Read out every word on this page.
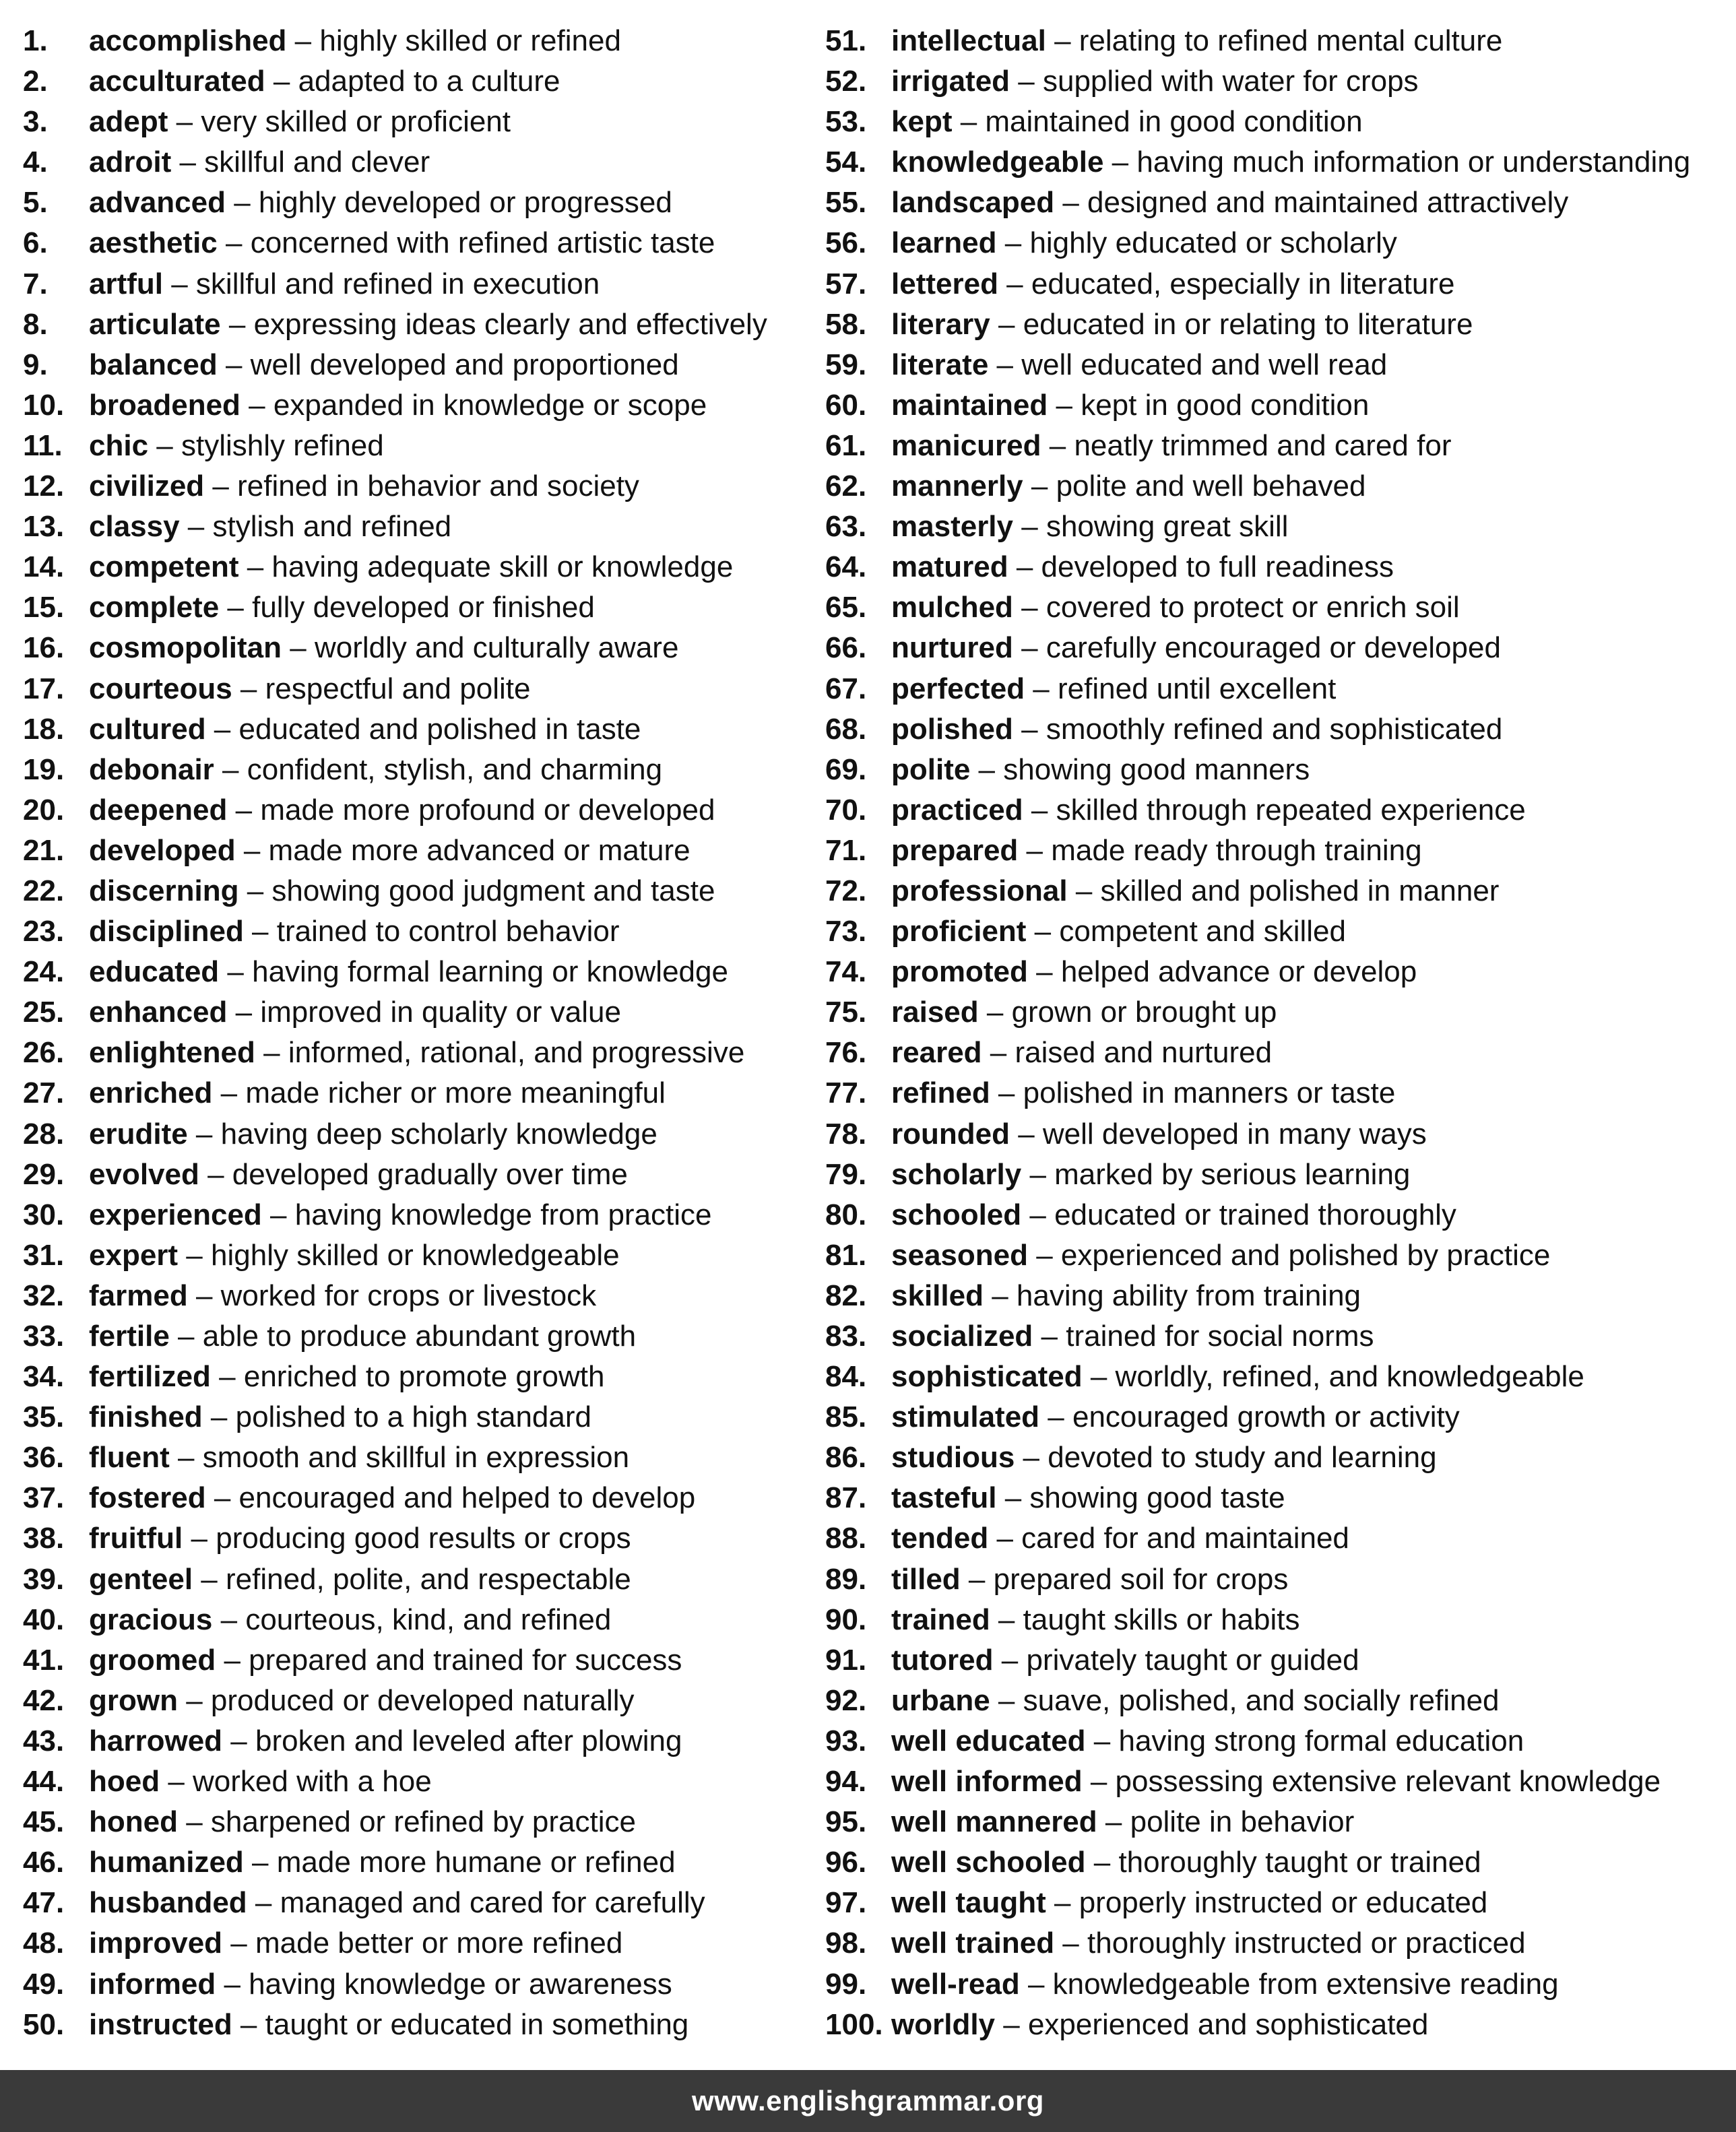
1. accomplished – highly skilled or refined
2. acculturated – adapted to a culture
3. adept – very skilled or proficient
4. adroit – skillful and clever
5. advanced – highly developed or progressed
6. aesthetic – concerned with refined artistic taste
7. artful – skillful and refined in execution
8. articulate – expressing ideas clearly and effectively
9. balanced – well developed and proportioned
10. broadened – expanded in knowledge or scope
11. chic – stylishly refined
12. civilized – refined in behavior and society
13. classy – stylish and refined
14. competent – having adequate skill or knowledge
15. complete – fully developed or finished
16. cosmopolitan – worldly and culturally aware
17. courteous – respectful and polite
18. cultured – educated and polished in taste
19. debonair – confident, stylish, and charming
20. deepened – made more profound or developed
21. developed – made more advanced or mature
22. discerning – showing good judgment and taste
23. disciplined – trained to control behavior
24. educated – having formal learning or knowledge
25. enhanced – improved in quality or value
26. enlightened – informed, rational, and progressive
27. enriched – made richer or more meaningful
28. erudite – having deep scholarly knowledge
29. evolved – developed gradually over time
30. experienced – having knowledge from practice
31. expert – highly skilled or knowledgeable
32. farmed – worked for crops or livestock
33. fertile – able to produce abundant growth
34. fertilized – enriched to promote growth
35. finished – polished to a high standard
36. fluent – smooth and skillful in expression
37. fostered – encouraged and helped to develop
38. fruitful – producing good results or crops
39. genteel – refined, polite, and respectable
40. gracious – courteous, kind, and refined
41. groomed – prepared and trained for success
42. grown – produced or developed naturally
43. harrowed – broken and leveled after plowing
44. hoed – worked with a hoe
45. honed – sharpened or refined by practice
46. humanized – made more humane or refined
47. husbanded – managed and cared for carefully
48. improved – made better or more refined
49. informed – having knowledge or awareness
50. instructed – taught or educated in something
51. intellectual – relating to refined mental culture
52. irrigated – supplied with water for crops
53. kept – maintained in good condition
54. knowledgeable – having much information or understanding
55. landscaped – designed and maintained attractively
56. learned – highly educated or scholarly
57. lettered – educated, especially in literature
58. literary – educated in or relating to literature
59. literate – well educated and well read
60. maintained – kept in good condition
61. manicured – neatly trimmed and cared for
62. mannerly – polite and well behaved
63. masterly – showing great skill
64. matured – developed to full readiness
65. mulched – covered to protect or enrich soil
66. nurtured – carefully encouraged or developed
67. perfected – refined until excellent
68. polished – smoothly refined and sophisticated
69. polite – showing good manners
70. practiced – skilled through repeated experience
71. prepared – made ready through training
72. professional – skilled and polished in manner
73. proficient – competent and skilled
74. promoted – helped advance or develop
75. raised – grown or brought up
76. reared – raised and nurtured
77. refined – polished in manners or taste
78. rounded – well developed in many ways
79. scholarly – marked by serious learning
80. schooled – educated or trained thoroughly
81. seasoned – experienced and polished by practice
82. skilled – having ability from training
83. socialized – trained for social norms
84. sophisticated – worldly, refined, and knowledgeable
85. stimulated – encouraged growth or activity
86. studious – devoted to study and learning
87. tasteful – showing good taste
88. tended – cared for and maintained
89. tilled – prepared soil for crops
90. trained – taught skills or habits
91. tutored – privately taught or guided
92. urbane – suave, polished, and socially refined
93. well educated – having strong formal education
94. well informed – possessing extensive relevant knowledge
95. well mannered – polite in behavior
96. well schooled – thoroughly taught or trained
97. well taught – properly instructed or educated
98. well trained – thoroughly instructed or practiced
99. well-read – knowledgeable from extensive reading
100. worldly – experienced and sophisticated
www.englishgrammar.org
